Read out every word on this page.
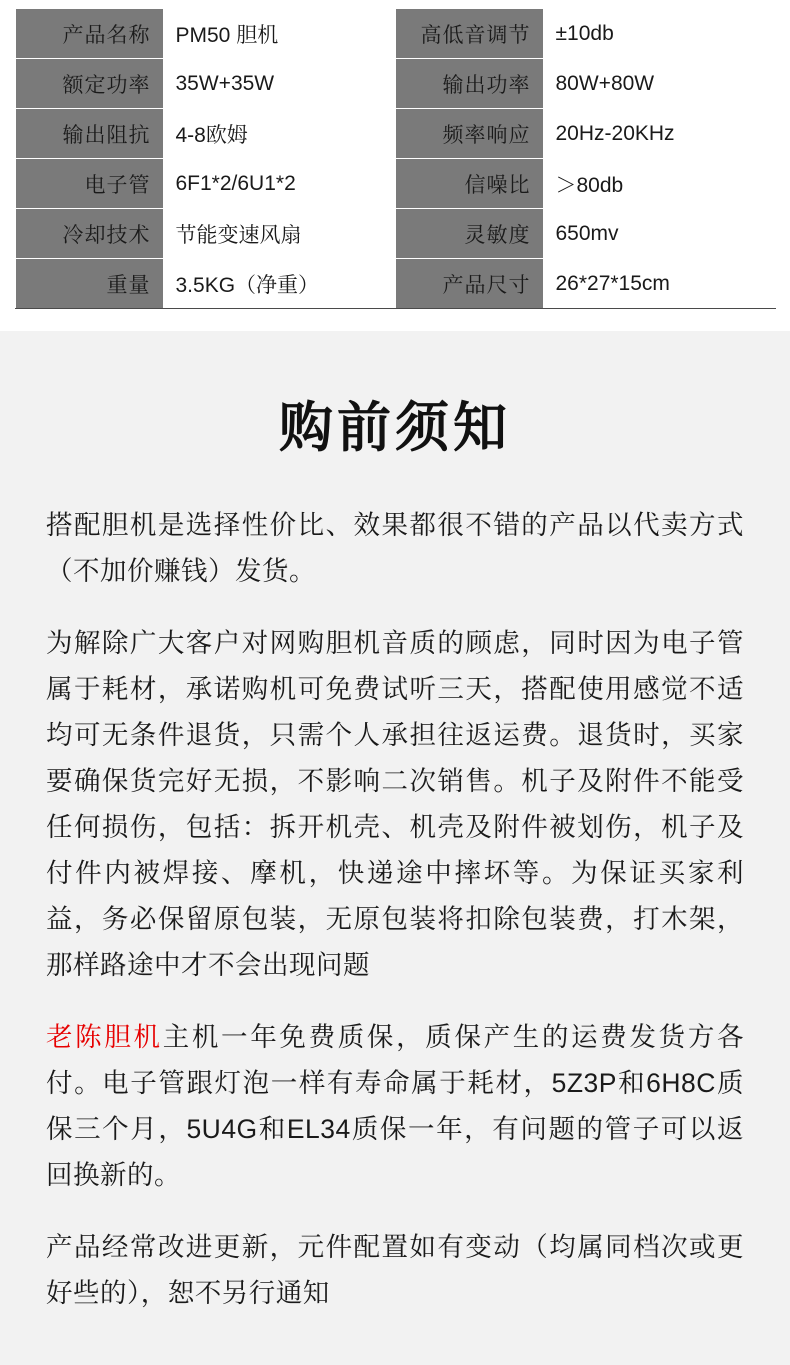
产品名称	PM50 胆机	高低音调节	±10db
额定功率	35W+35W	输出功率	80W+80W
输出阻抗	4-8欧姆	频率响应	20Hz-20KHz
电子管	6F1*2/6U1*2	信噪比	＞80db
冷却技术	节能变速风扇	灵敏度	650mv
重量	3.5KG（净重）	产品尺寸	26*27*15cm
购前须知

搭配胆机是选择性价比、效果都很不错的产品以代卖方式（不加价赚钱）发货。

为解除广大客户对网购胆机音质的顾虑，同时因为电子管属于耗材，承诺购机可免费试听三天，搭配使用感觉不适均可无条件退货，只需个人承担往返运费。退货时，买家要确保货完好无损，不影响二次销售。机子及附件不能受任何损伤，包括：拆开机壳、机壳及附件被划伤，机子及付件内被焊接、摩机，快递途中摔坏等。为保证买家利益，务必保留原包装，无原包装将扣除包装费，打木架，那样路途中才不会出现问题

老陈胆机主机一年免费质保，质保产生的运费发货方各付。电子管跟灯泡一样有寿命属于耗材，5Z3P和6H8C质保三个月，5U4G和EL34质保一年，有问题的管子可以返回换新的。

产品经常改进更新，元件配置如有变动（均属同档次或更好些的），恕不另行通知
